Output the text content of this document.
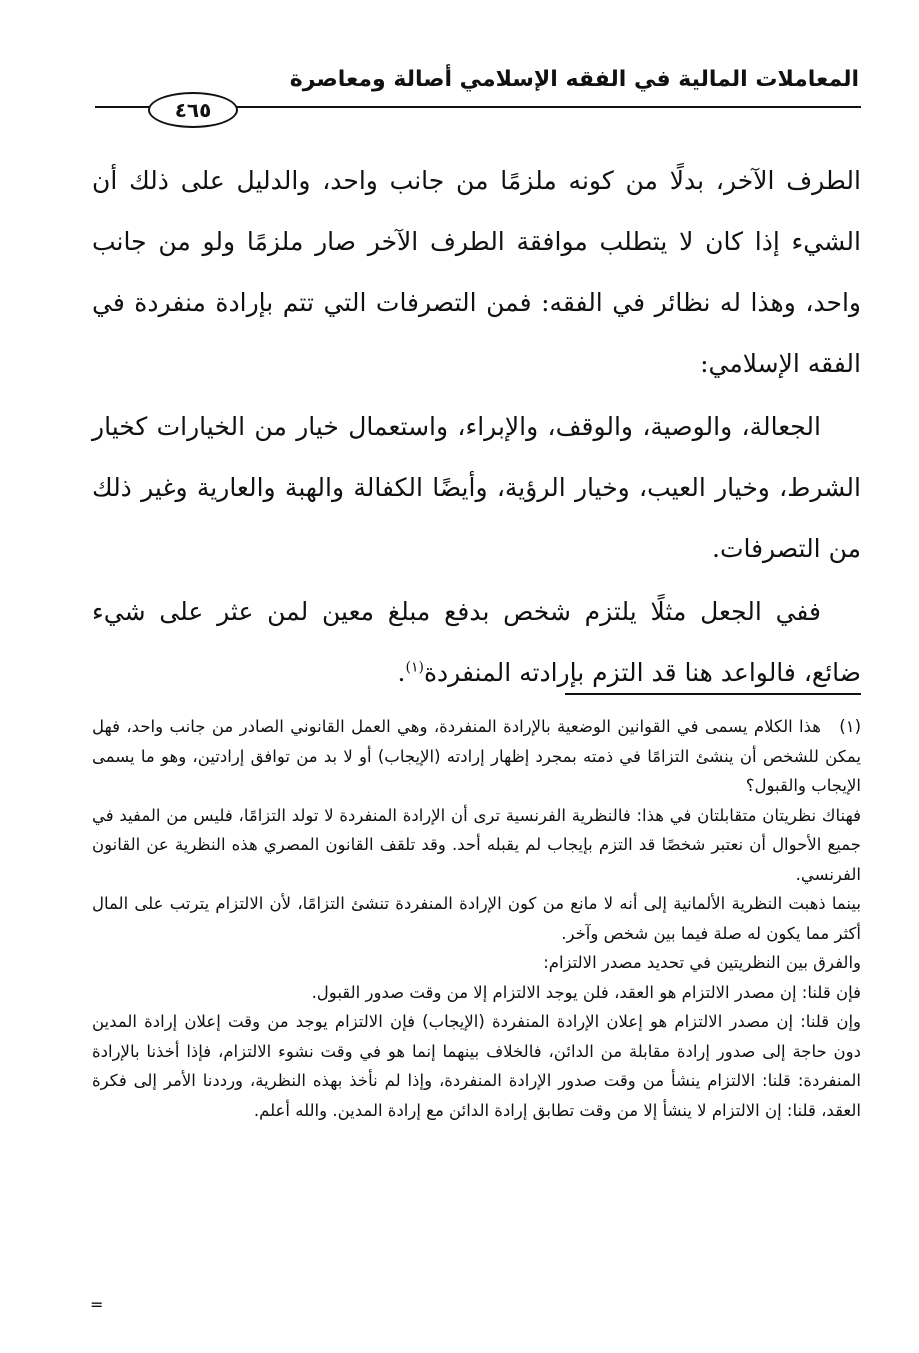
المعاملات المالية في الفقه الإسلامي أصالة ومعاصرة
٤٦٥

الطرف الآخر، بدلًا من كونه ملزمًا من جانب واحد، والدليل على ذلك أن الشيء إذا كان لا يتطلب موافقة الطرف الآخر صار ملزمًا ولو من جانب واحد، وهذا له نظائر في الفقه: فمن التصرفات التي تتم بإرادة منفردة في الفقه الإسلامي:

الجعالة، والوصية، والوقف، والإبراء، واستعمال خيار من الخيارات كخيار الشرط، وخيار العيب، وخيار الرؤية، وأيضًا الكفالة والهبة والعارية وغير ذلك من التصرفات.

ففي الجعل مثلًا يلتزم شخص بدفع مبلغ معين لمن عثر على شيء ضائع، فالواعد هنا قد التزم بإرادته المنفردة$^{(١)}$.

(١)هذا الكلام يسمى في القوانين الوضعية بالإرادة المنفردة، وهي العمل القانوني الصادر من جانب واحد، فهل يمكن للشخص أن ينشئ التزامًا في ذمته بمجرد إظهار إرادته (الإيجاب) أو لا بد من توافق إرادتين، وهو ما يسمى الإيجاب والقبول؟

فهناك نظريتان متقابلتان في هذا: فالنظرية الفرنسية ترى أن الإرادة المنفردة لا تولد التزامًا، فليس من المفيد في جميع الأحوال أن نعتبر شخصًا قد التزم بإيجاب لم يقبله أحد. وقد تلقف القانون المصري هذه النظرية عن القانون الفرنسي.

بينما ذهبت النظرية الألمانية إلى أنه لا مانع من كون الإرادة المنفردة تنشئ التزامًا، لأن الالتزام يترتب على المال أكثر مما يكون له صلة فيما بين شخص وآخر.

والفرق بين النظريتين في تحديد مصدر الالتزام:

فإن قلنا: إن مصدر الالتزام هو العقد، فلن يوجد الالتزام إلا من وقت صدور القبول.

وإن قلنا: إن مصدر الالتزام هو إعلان الإرادة المنفردة (الإيجاب) فإن الالتزام يوجد من وقت إعلان إرادة المدين دون حاجة إلى صدور إرادة مقابلة من الدائن، فالخلاف بينهما إنما هو في وقت نشوء الالتزام، فإذا أخذنا بالإرادة المنفردة: قلنا: الالتزام ينشأ من وقت صدور الإرادة المنفردة، وإذا لم نأخذ بهذه النظرية، ورددنا الأمر إلى فكرة العقد، قلنا: إن الالتزام لا ينشأ إلا من وقت تطابق إرادة الدائن مع إرادة المدين. والله أعلم.

=
